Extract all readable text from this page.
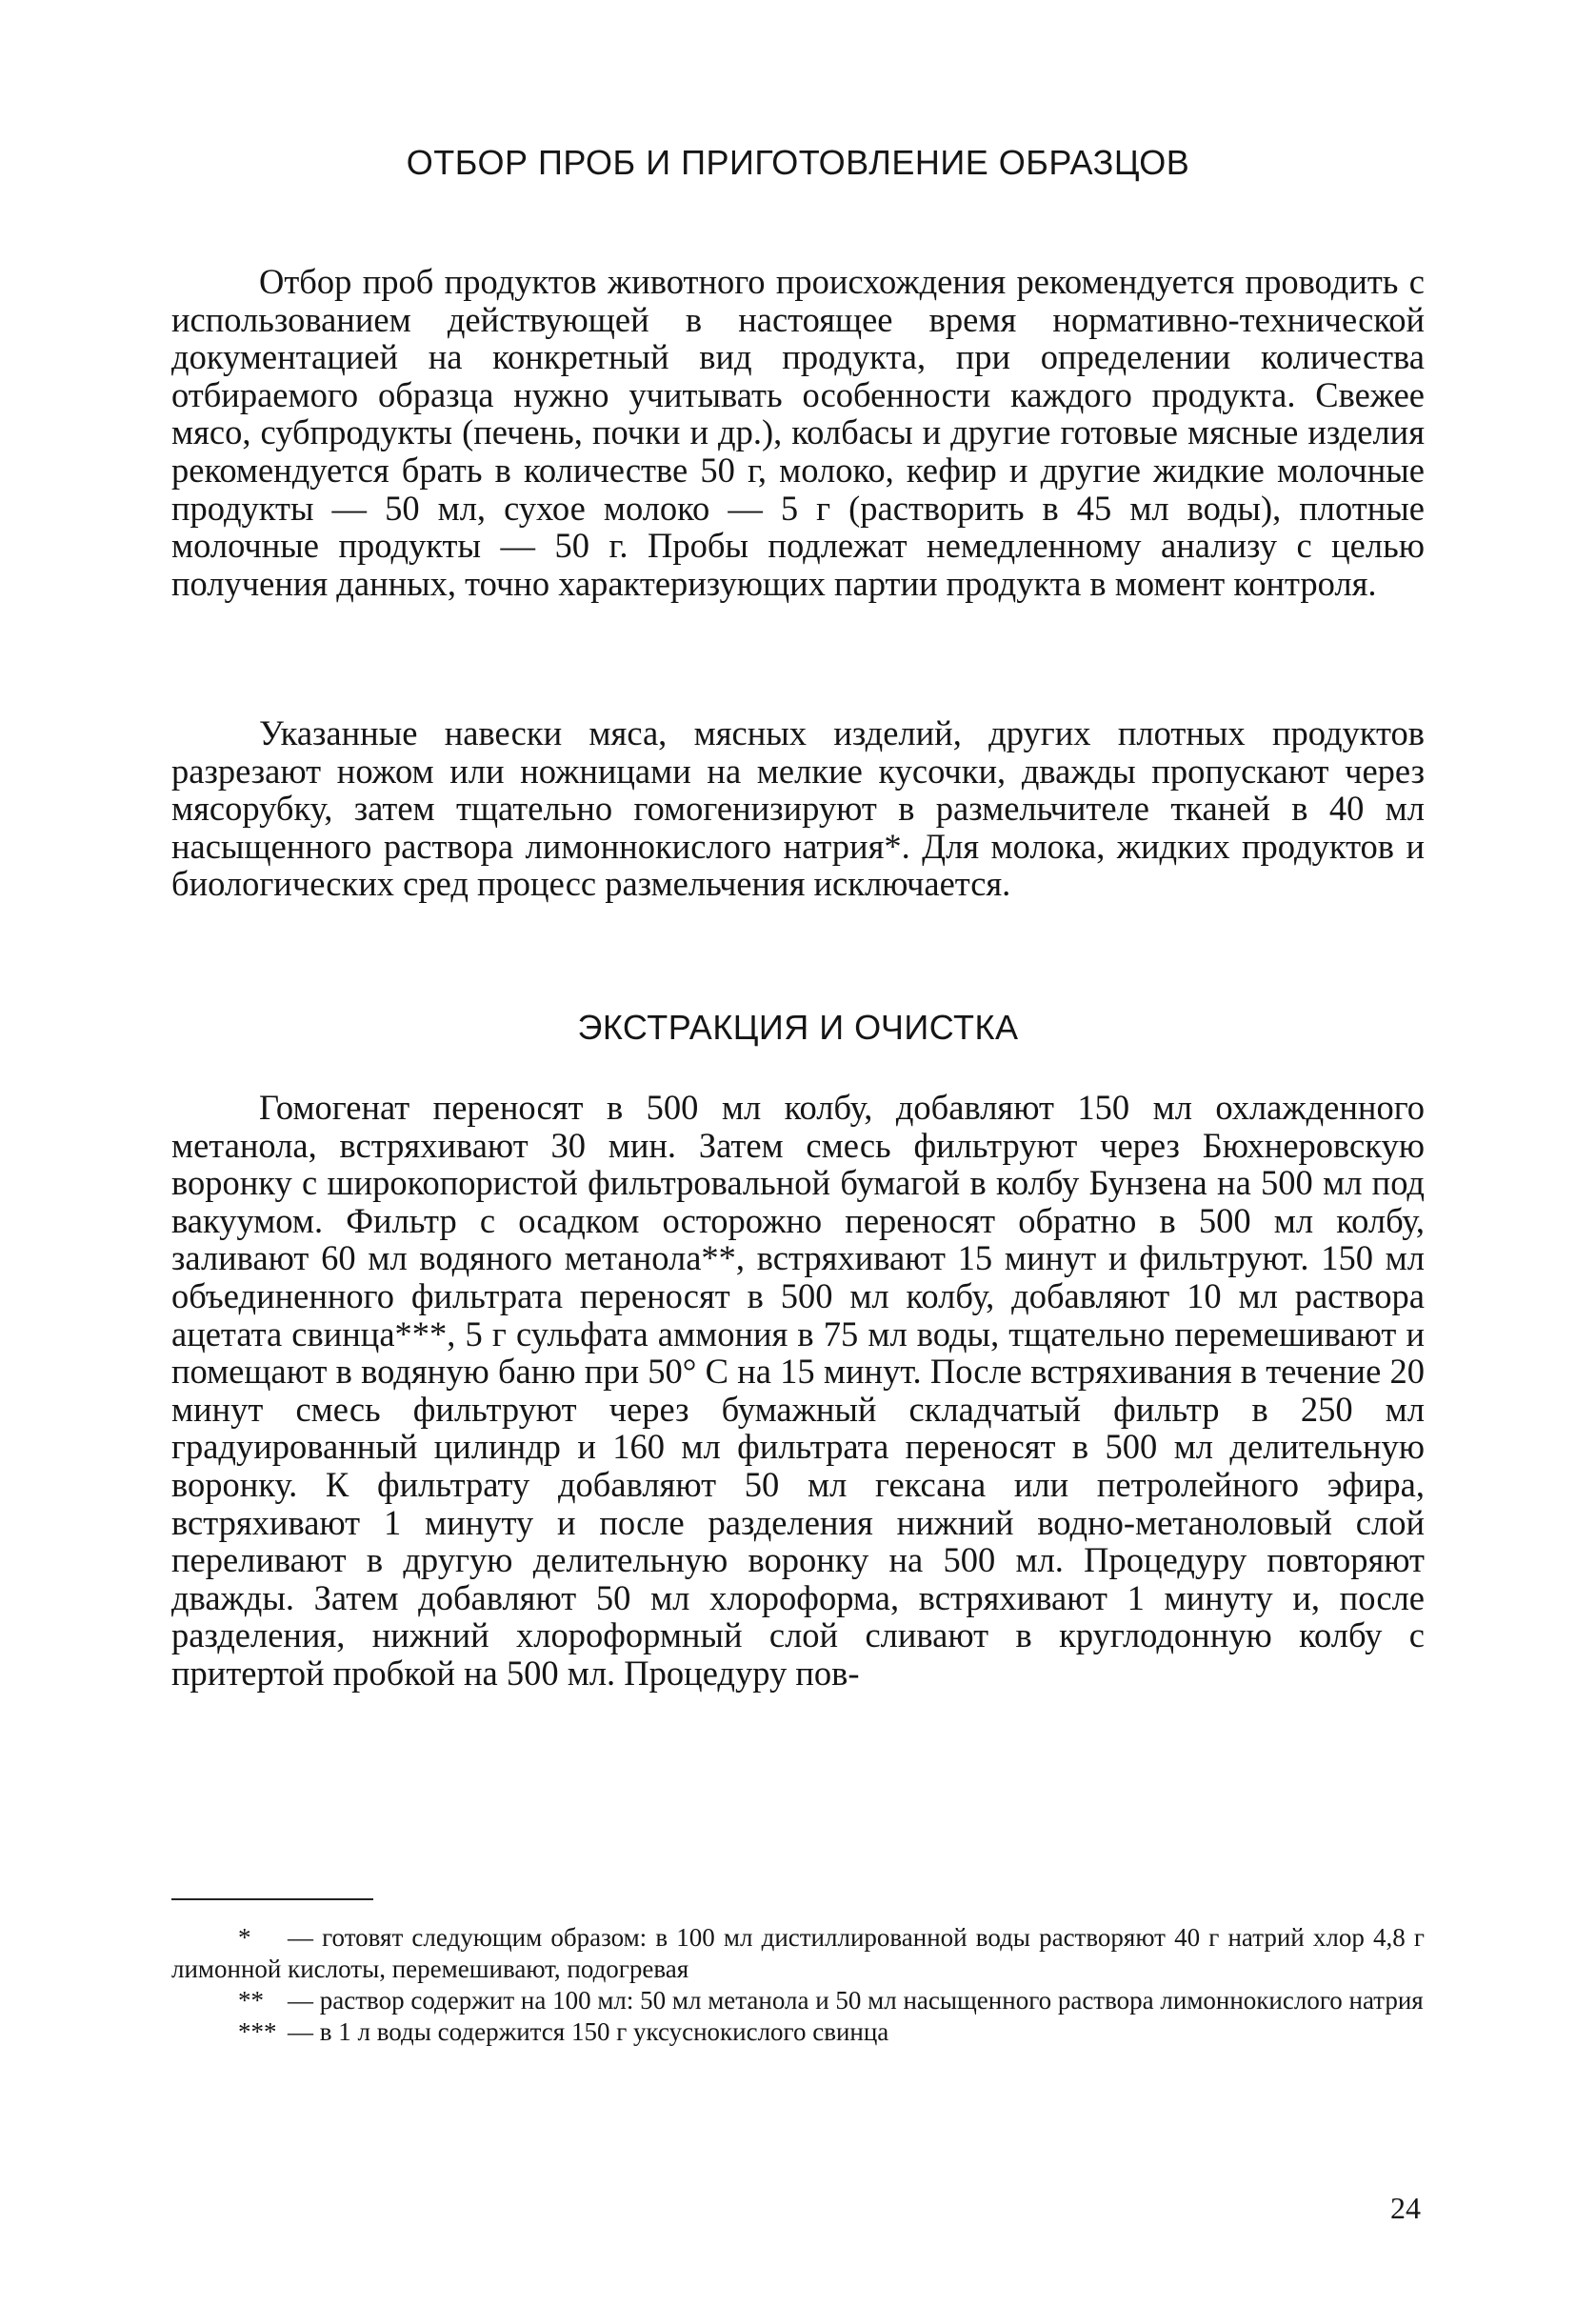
ОТБОР ПРОБ И ПРИГОТОВЛЕНИЕ ОБРАЗЦОВ

Отбор проб продуктов животного происхождения рекомендуется проводить с использованием действующей в настоящее время нормативно-технической документацией на конкретный вид продукта, при определении количества отбираемого образца нужно учитывать особенности каждого продукта. Свежее мясо, субпродукты (печень, почки и др.), колбасы и другие готовые мясные изделия рекомендуется брать в количестве 50 г, молоко, кефир и другие жидкие молочные продукты — 50 мл, сухое молоко — 5 г (растворить в 45 мл воды), плотные молочные продукты — 50 г. Пробы подлежат немедленному анализу с целью получения данных, точно характеризующих партии продукта в момент контроля.

Указанные навески мяса, мясных изделий, других плотных продуктов разрезают ножом или ножницами на мелкие кусочки, дважды пропускают через мясорубку, затем тщательно гомогенизируют в размельчителе тканей в 40 мл насыщенного раствора лимоннокислого натрия*. Для молока, жидких продуктов и биологических сред процесс размельчения исключается.

ЭКСТРАКЦИЯ И ОЧИСТКА

Гомогенат переносят в 500 мл колбу, добавляют 150 мл охлажденного метанола, встряхивают 30 мин. Затем смесь фильтруют через Бюхнеровскую воронку с широкопористой фильтровальной бумагой в колбу Бунзена на 500 мл под вакуумом. Фильтр с осадком осторожно переносят обратно в 500 мл колбу, заливают 60 мл водяного метанола**, встряхивают 15 минут и фильтруют. 150 мл объединенного фильтрата переносят в 500 мл колбу, добавляют 10 мл раствора ацетата свинца***, 5 г сульфата аммония в 75 мл воды, тщательно перемешивают и помещают в водяную баню при 50° С на 15 минут. После встряхивания в течение 20 минут смесь фильтруют через бумажный складчатый фильтр в 250 мл градуированный цилиндр и 160 мл фильтрата переносят в 500 мл делительную воронку. К фильтрату добавляют 50 мл гексана или петролейного эфира, встряхивают 1 минуту и после разделения нижний водно-метаноловый слой переливают в другую делительную воронку на 500 мл. Процедуру повторяют дважды. Затем добавляют 50 мл хлороформа, встряхивают 1 минуту и, после разделения, нижний хлороформный слой сливают в круглодонную колбу с притертой пробкой на 500 мл. Процедуру пов-

* — готовят следующим образом: в 100 мл дистиллированной воды растворяют 40 г натрий хлор 4,8 г лимонной кислоты, перемешивают, подогревая

** — раствор содержит на 100 мл: 50 мл метанола и 50 мл насыщенного раствора лимоннокислого натрия

*** — в 1 л воды содержится 150 г уксуснокислого свинца

24
